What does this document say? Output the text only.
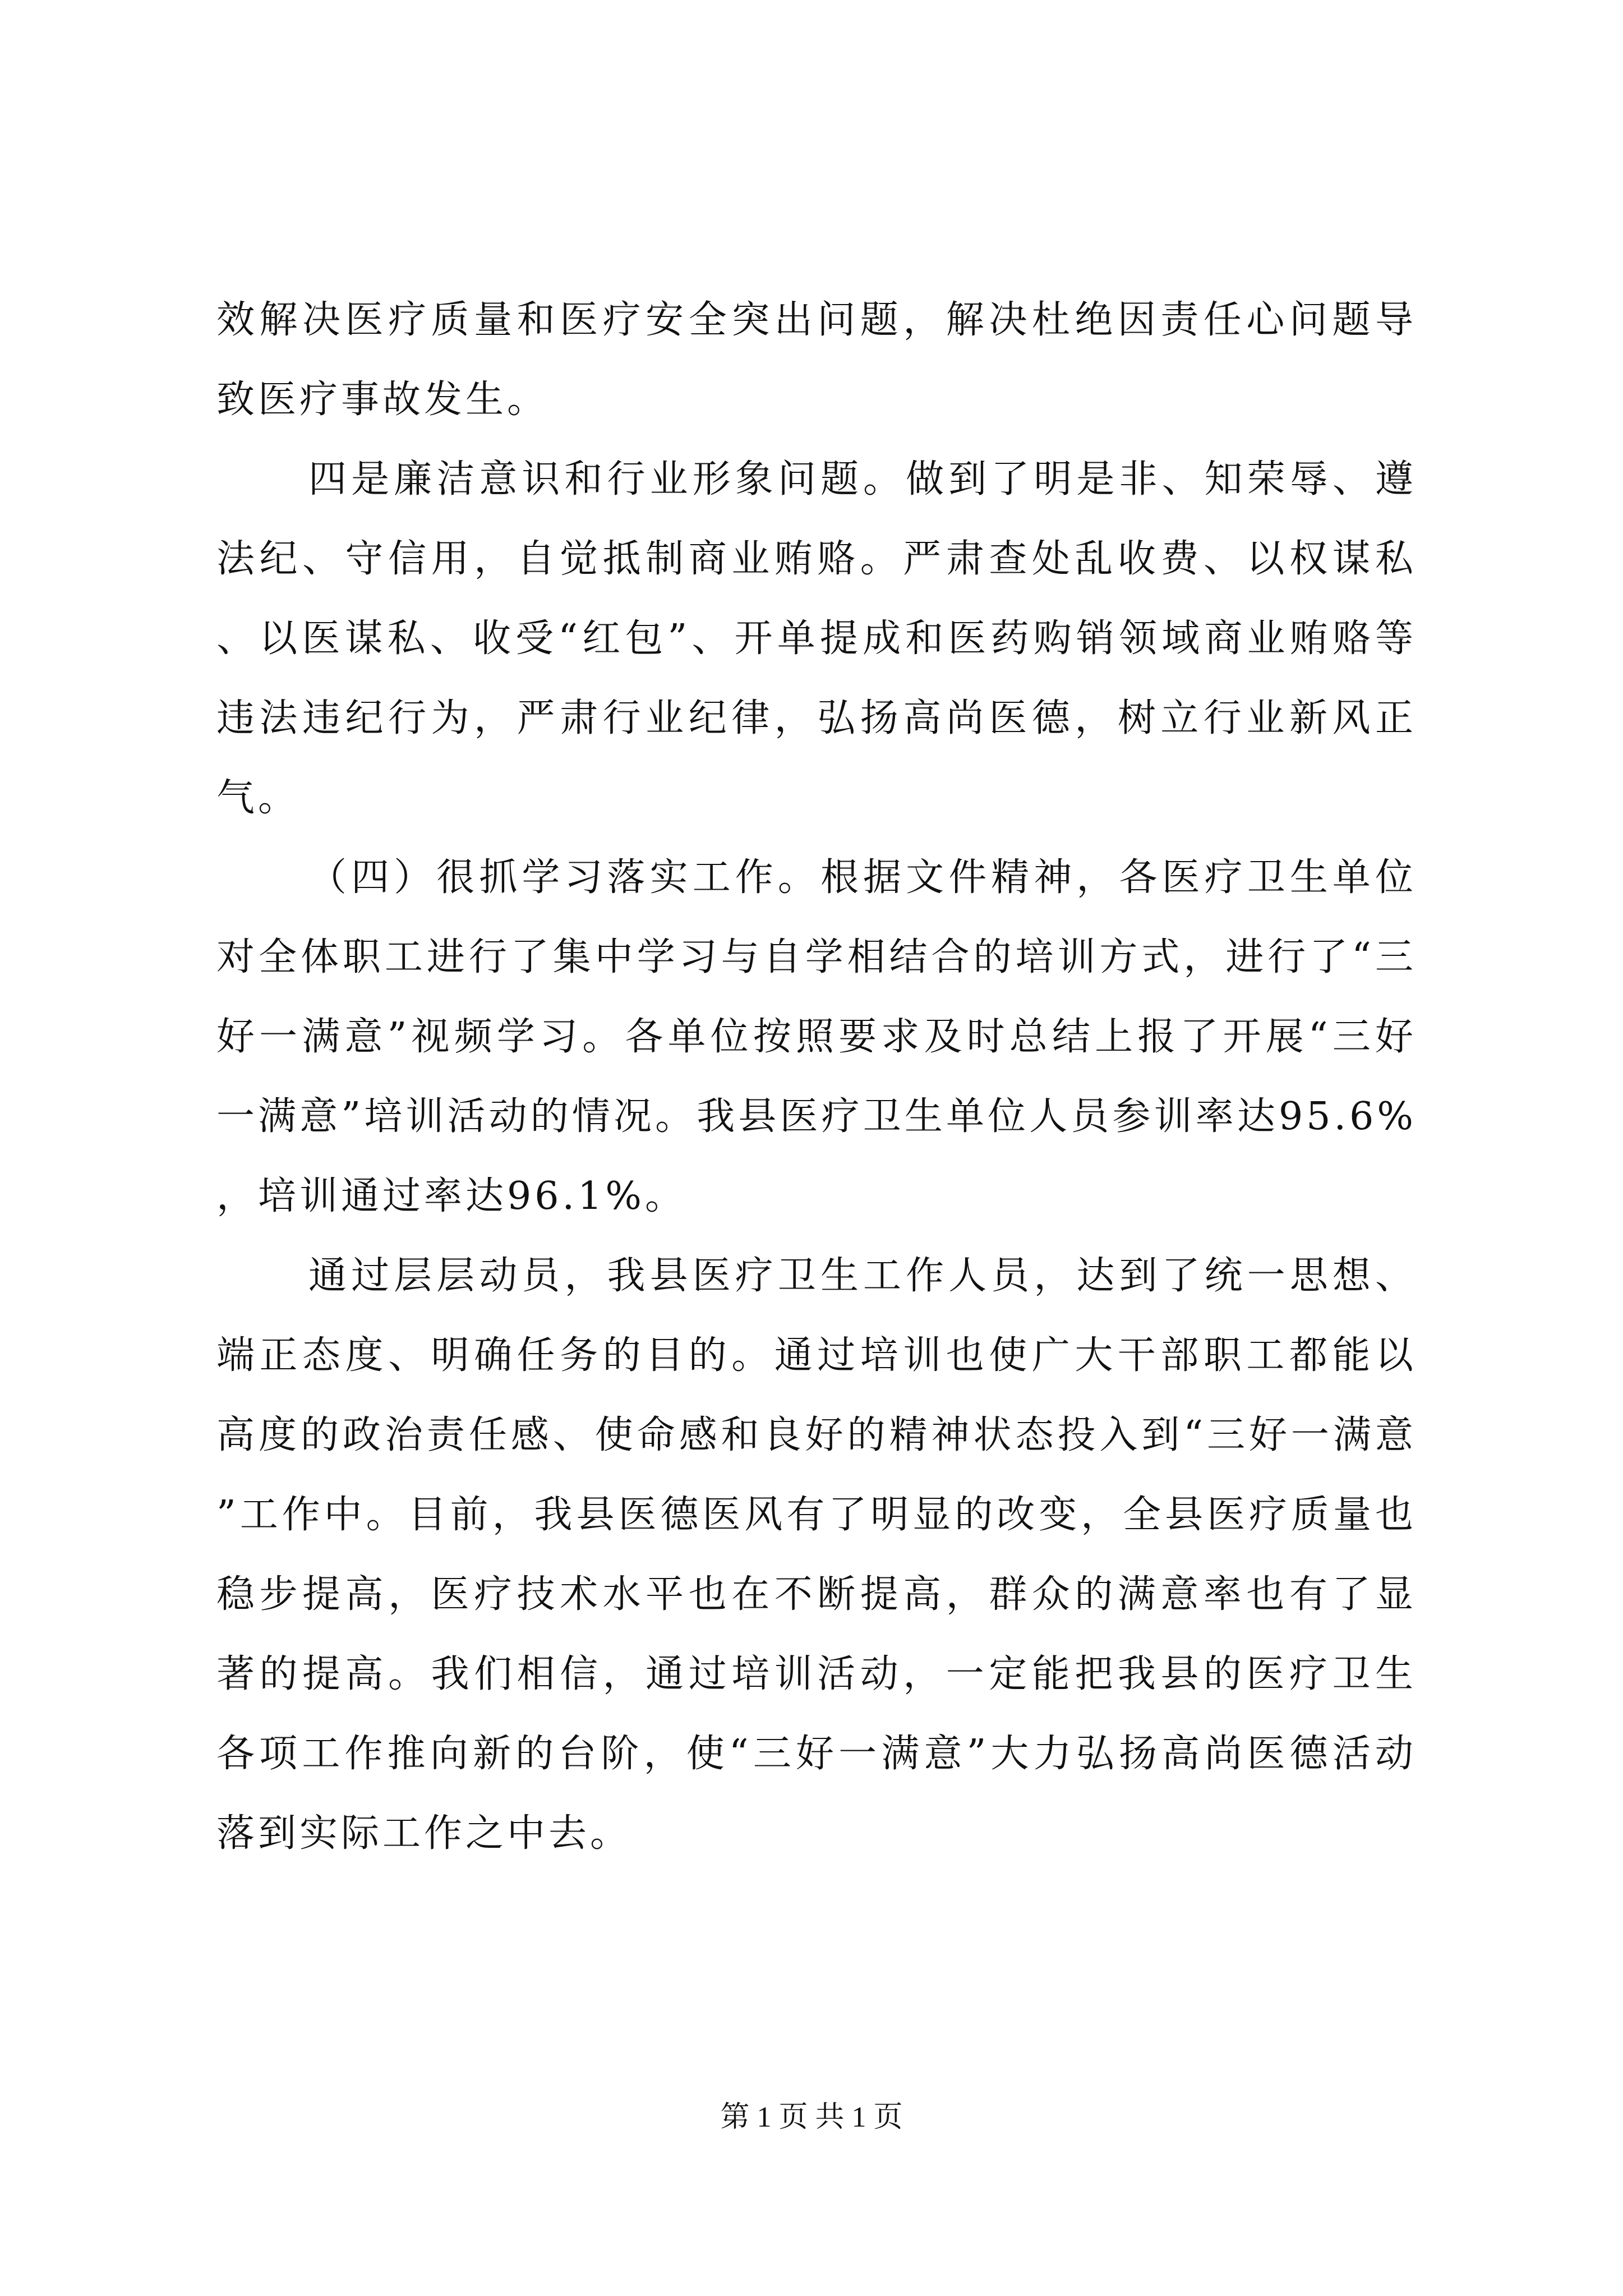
效解决医疗质量和医疗安全突出问题，解决杜绝因责任心问题导致医疗事故发生。

四是廉洁意识和行业形象问题。做到了明是非、知荣辱、遵法纪、守信用，自觉抵制商业贿赂。严肃查处乱收费、以权谋私、以医谋私、收受“红包”、开单提成和医药购销领域商业贿赂等违法违纪行为，严肃行业纪律，弘扬高尚医德，树立行业新风正气。

（四）很抓学习落实工作。根据文件精神，各医疗卫生单位对全体职工进行了集中学习与自学相结合的培训方式，进行了“三好一满意”视频学习。各单位按照要求及时总结上报了开展“三好一满意”培训活动的情况。我县医疗卫生单位人员参训率达95.6%，培训通过率达96.1%。

通过层层动员，我县医疗卫生工作人员，达到了统一思想、端正态度、明确任务的目的。通过培训也使广大干部职工都能以高度的政治责任感、使命感和良好的精神状态投入到“三好一满意”工作中。目前，我县医德医风有了明显的改变，全县医疗质量也稳步提高，医疗技术水平也在不断提高，群众的满意率也有了显著的提高。我们相信，通过培训活动，一定能把我县的医疗卫生各项工作推向新的台阶，使“三好一满意”大力弘扬高尚医德活动落到实际工作之中去。

第 1 页 共 1 页
